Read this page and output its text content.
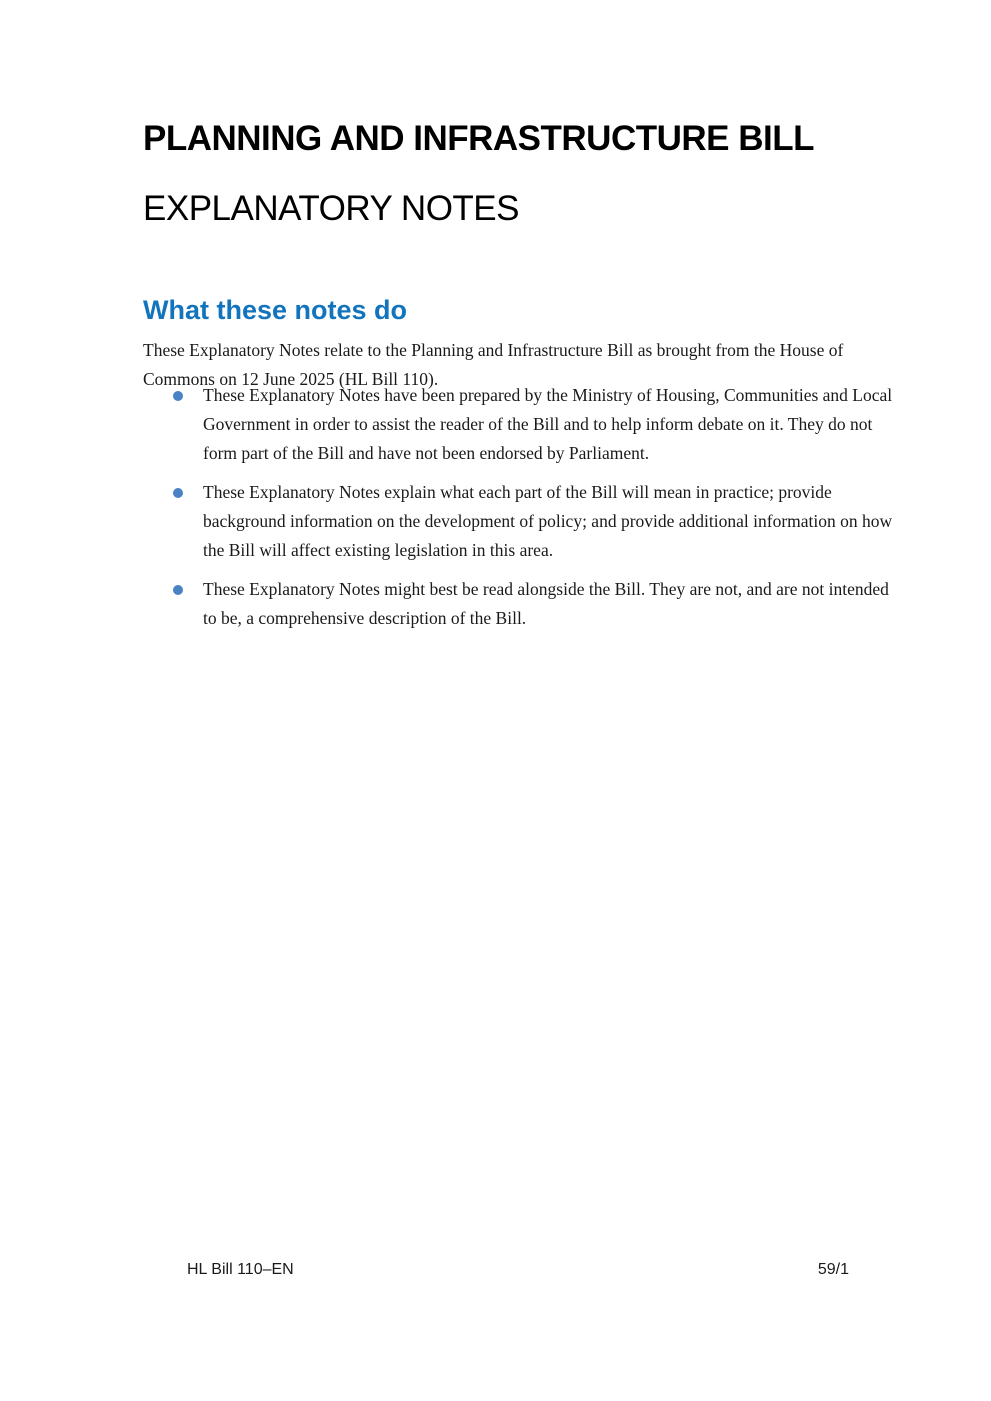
PLANNING AND INFRASTRUCTURE BILL
EXPLANATORY NOTES
What these notes do

These Explanatory Notes relate to the Planning and Infrastructure Bill as brought from the House of Commons on 12 June 2025 (HL Bill 110).

These Explanatory Notes have been prepared by the Ministry of Housing, Communities and Local Government in order to assist the reader of the Bill and to help inform debate on it. They do not form part of the Bill and have not been endorsed by Parliament.
These Explanatory Notes explain what each part of the Bill will mean in practice; provide background information on the development of policy; and provide additional information on how the Bill will affect existing legislation in this area.
These Explanatory Notes might best be read alongside the Bill. They are not, and are not intended to be, a comprehensive description of the Bill.
HL Bill 110–EN	59/1
